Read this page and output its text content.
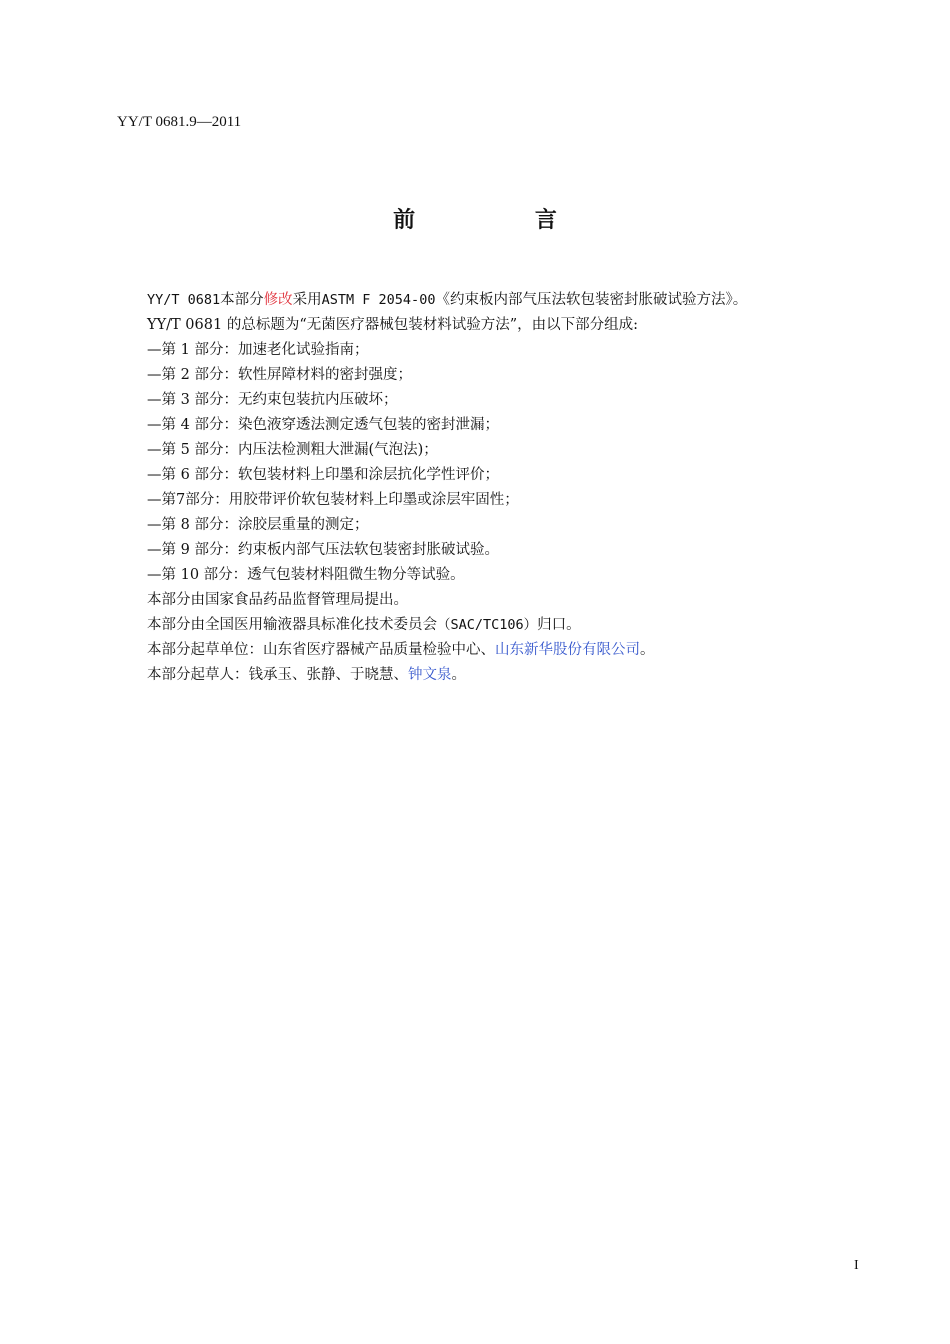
YY/T 0681.9—2011
前 言
YY/T 0681本部分修改采用ASTM F 2054-00《约束板内部气压法软包装密封胀破试验方法》。
YY/T 0681 的总标题为“无菌医疗器械包装材料试验方法”，由以下部分组成:
—第 1 部分：加速老化试验指南；
—第 2 部分：软性屏障材料的密封强度；
—第 3 部分：无约束包装抗内压破坏；
—第 4 部分：染色液穿透法测定透气包装的密封泄漏；
—第 5 部分：内压法检测粗大泄漏(气泡法)；
—第 6 部分：软包装材料上印墨和涂层抗化学性评价；
—第7部分：用胶带评价软包装材料上印墨或涂层牢固性；
—第 8 部分：涂胶层重量的测定；
—第 9 部分：约束板内部气压法软包装密封胀破试验。
—第 10 部分：透气包装材料阻微生物分等试验。
本部分由国家食品药品监督管理局提出。
本部分由全国医用输液器具标准化技术委员会（SAC/TC106）归口。
本部分起草单位：山东省医疗器械产品质量检验中心、山东新华股份有限公司。
本部分起草人：钱承玉、张静、于晓慧、钟文泉。
I
